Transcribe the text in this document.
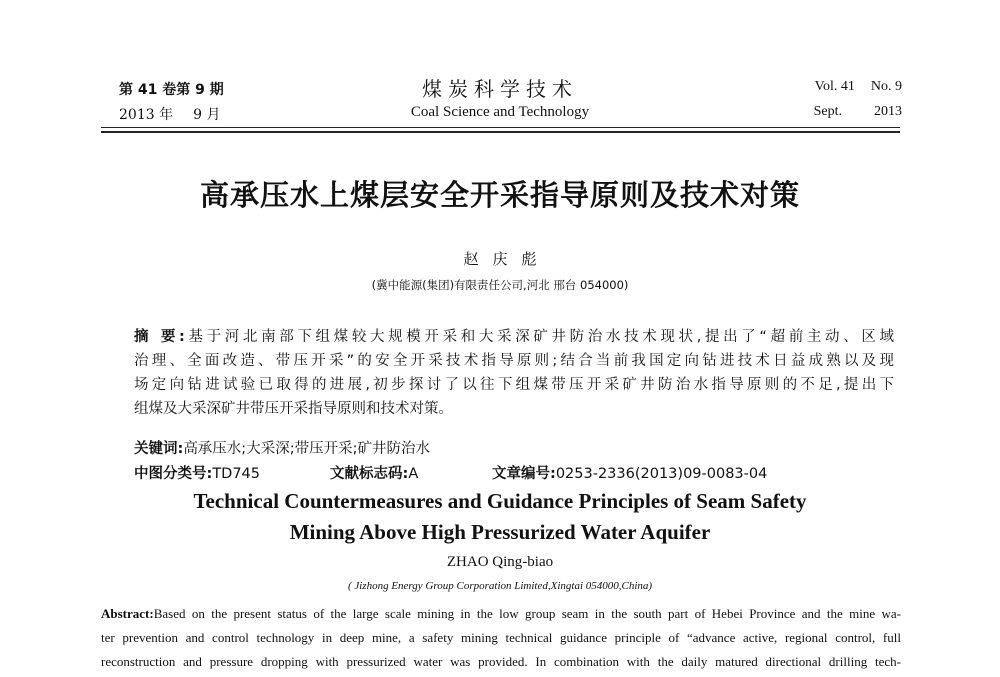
第 41 卷第 9 期
2013 年 9 月
煤炭科学技术
Coal Science and Technology
Vol. 41 No. 9
Sept. 2013
高承压水上煤层安全开采指导原则及技术对策
赵庆彪
(冀中能源(集团)有限责任公司,河北 邢台 054000)
摘 要:基于河北南部下组煤较大规模开采和大采深矿井防治水技术现状,提出了“超前主动、区域
治理、全面改造、带压开采”的安全开采技术指导原则;结合当前我国定向钻进技术日益成熟以及现
场定向钻进试验已取得的进展,初步探讨了以往下组煤带压开采矿井防治水指导原则的不足,提出下
组煤及大采深矿井带压开采指导原则和技术对策。
关键词:高承压水;大采深;带压开采;矿井防治水
中图分类号:TD745	文献标志码:A	文章编号:0253-2336(2013)09-0083-04
Technical Countermeasures and Guidance Principles of Seam Safety
Mining Above High Pressurized Water Aquifer
ZHAO Qing-biao
( Jizhong Energy Group Corporation Limited,Xingtai 054000,China)
Abstract:Based on the present status of the large scale mining in the low group seam in the south part of Hebei Province and the mine wa-
ter prevention and control technology in deep mine, a safety mining technical guidance principle of “advance active, regional control, full
reconstruction and pressure dropping with pressurized water was provided. In combination with the daily matured directional drilling tech-
